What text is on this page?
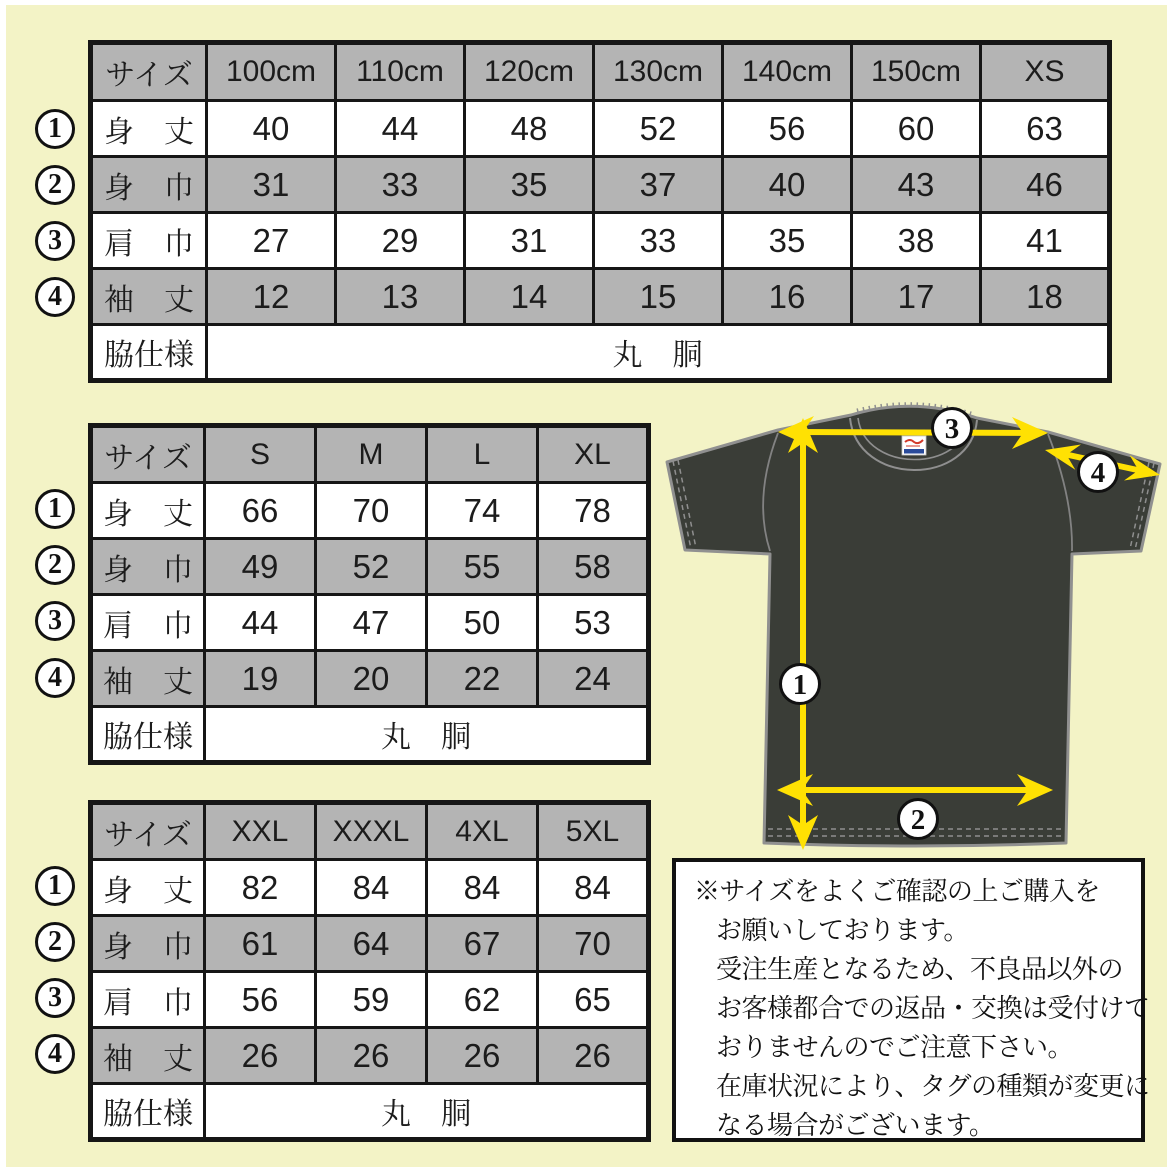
サイズ	100cm	110cm	120cm	130cm	140cm	150cm	XS
身　丈	40	44	48	52	56	60	63
身　巾	31	33	35	37	40	43	46
肩　巾	27	29	31	33	35	38	41
袖　丈	12	13	14	15	16	17	18
脇仕様	丸　胴						
サイズ	S	M	L	XL
身　丈	66	70	74	78
身　巾	49	52	55	58
肩　巾	44	47	50	53
袖　丈	19	20	22	24
脇仕様	丸　胴			
サイズ	XXL	XXXL	4XL	5XL
身　丈	82	84	84	84
身　巾	61	64	67	70
肩　巾	56	59	62	65
袖　丈	26	26	26	26
脇仕様	丸　胴			
1
2
3
4
1
2
3
4
1
2
3
4
3
4
1
2
※サイズをよくご確認の上ご購入を
お願いしております。
受注生産となるため、不良品以外の
お客様都合での返品・交換は受付けて
おりませんのでご注意下さい。
在庫状況により、タグの種類が変更に
なる場合がございます。
